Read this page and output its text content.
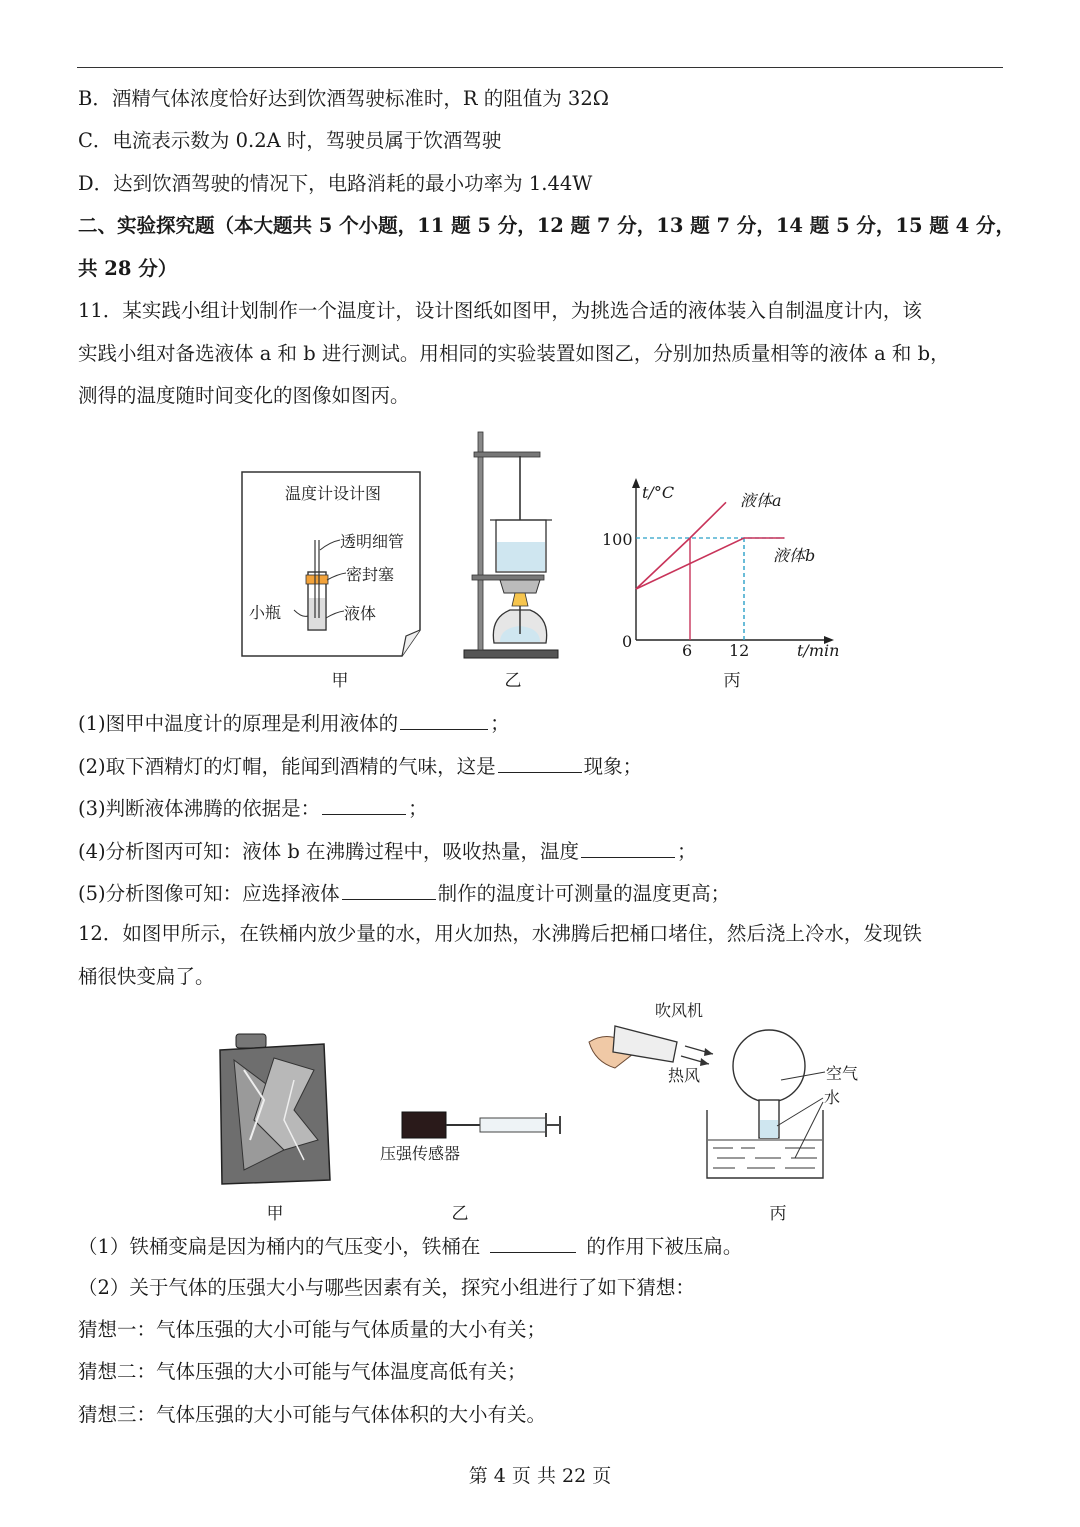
B．酒精气体浓度恰好达到饮酒驾驶标准时，R 的阻值为 32Ω
C．电流表示数为 0.2A 时，驾驶员属于饮酒驾驶
D．达到饮酒驾驶的情况下，电路消耗的最小功率为 1.44W
二、实验探究题（本大题共 5 个小题，11 题 5 分，12 题 7 分，13 题 7 分，14 题 5 分，15 题 4 分，
共 28 分）
11．某实践小组计划制作一个温度计，设计图纸如图甲，为挑选合适的液体装入自制温度计内，该
实践小组对备选液体 a 和 b 进行测试。用相同的实验装置如图乙，分别加热质量相等的液体 a 和 b，
测得的温度随时间变化的图像如图丙。
温度计设计图
透明细管
密封塞
小瓶	液体
甲	乙
t/°C
t/min
100
0	6 12
液体a
液体b
丙
(1)图甲中温度计的原理是利用液体的	；
(2)取下酒精灯的灯帽，能闻到酒精的气味，这是	现象；
(3)判断液体沸腾的依据是：	；
(4)分析图丙可知：液体 b 在沸腾过程中，吸收热量，温度	；
(5)分析图像可知：应选择液体	制作的温度计可测量的温度更高；
12．如图甲所示，在铁桶内放少量的水，用火加热，水沸腾后把桶口堵住，然后浇上冷水，发现铁
桶很快变扁了。
甲
压强传感器
乙
吹风机
热风	空气
水
丙
（1）铁桶变扁是因为桶内的气压变小，铁桶在	的作用下被压扁。
（2）关于气体的压强大小与哪些因素有关，探究小组进行了如下猜想：
猜想一：气体压强的大小可能与气体质量的大小有关；
猜想二：气体压强的大小可能与气体温度高低有关；
猜想三：气体压强的大小可能与气体体积的大小有关。
第 4 页 共 22 页
